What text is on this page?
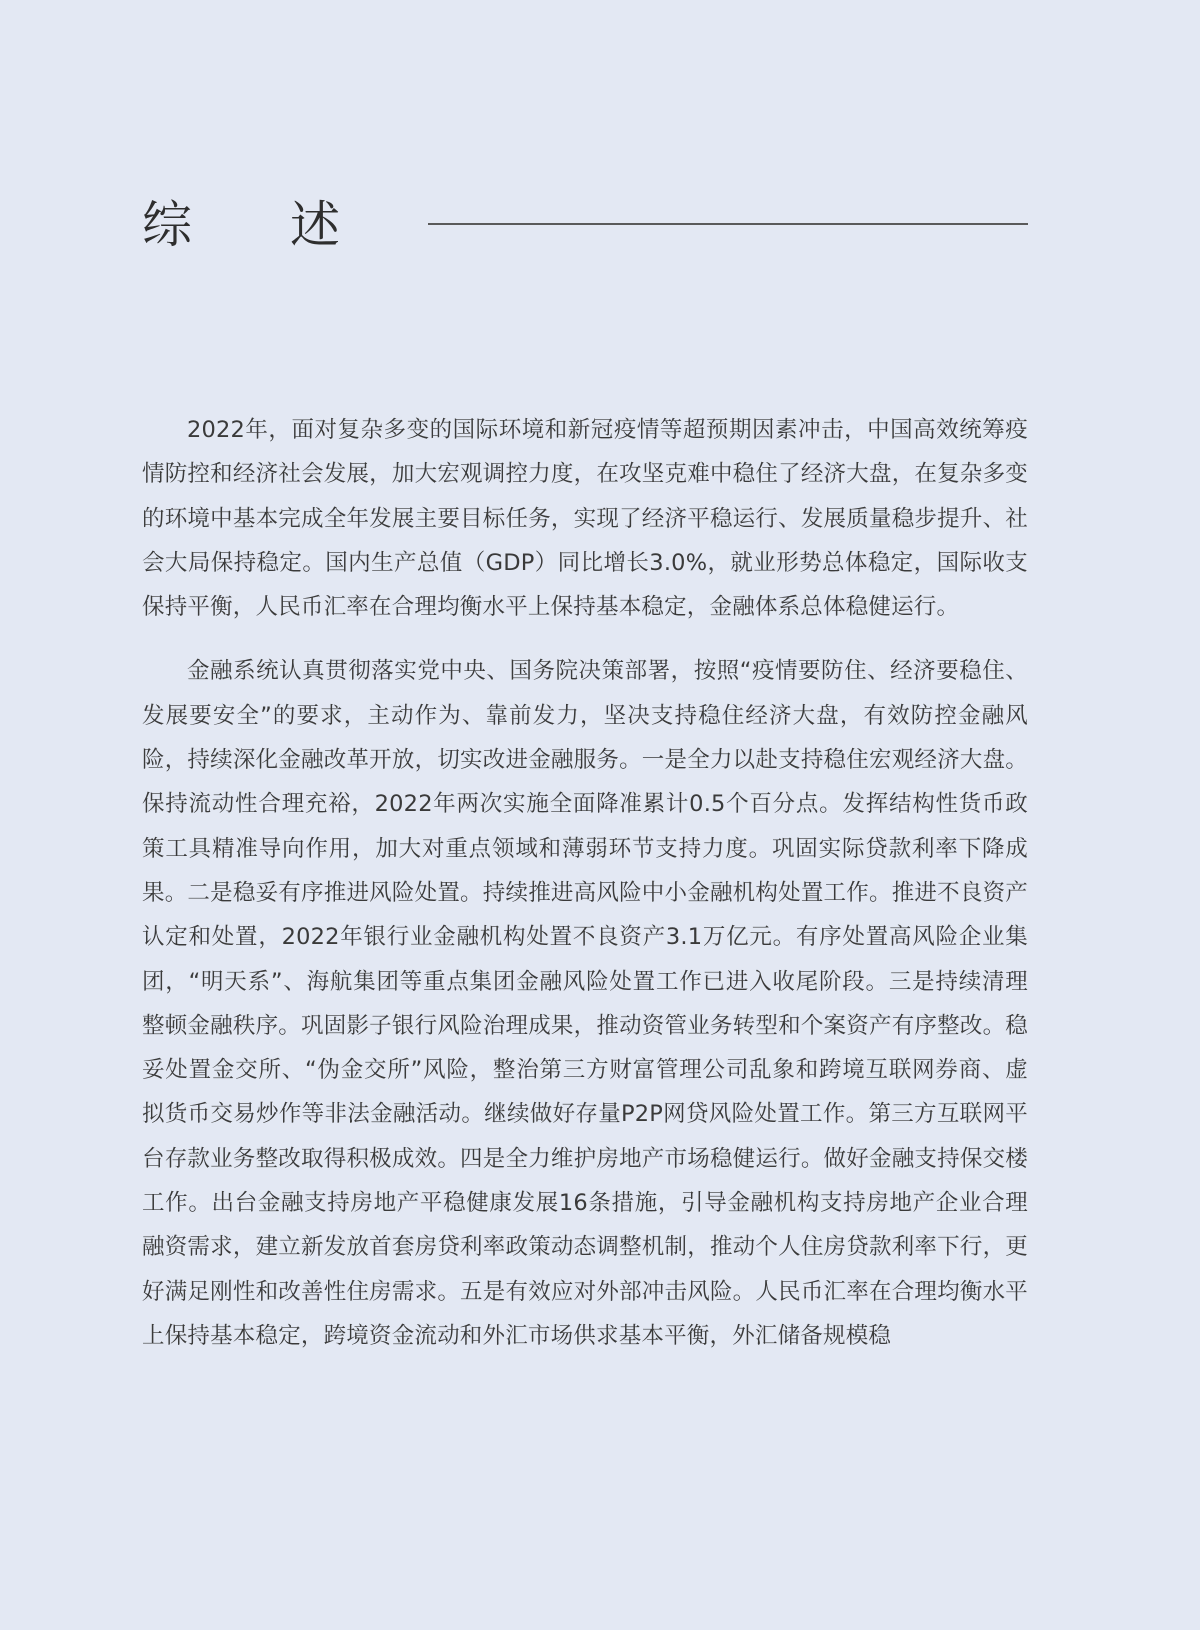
综 述

2022年，面对复杂多变的国际环境和新冠疫情等超预期因素冲击，中国高效统筹疫情防控和经济社会发展，加大宏观调控力度，在攻坚克难中稳住了经济大盘，在复杂多变的环境中基本完成全年发展主要目标任务，实现了经济平稳运行、发展质量稳步提升、社会大局保持稳定。国内生产总值（GDP）同比增长3.0%，就业形势总体稳定，国际收支保持平衡，人民币汇率在合理均衡水平上保持基本稳定，金融体系总体稳健运行。

金融系统认真贯彻落实党中央、国务院决策部署，按照“疫情要防住、经济要稳住、发展要安全”的要求，主动作为、靠前发力，坚决支持稳住经济大盘，有效防控金融风险，持续深化金融改革开放，切实改进金融服务。一是全力以赴支持稳住宏观经济大盘。保持流动性合理充裕，2022年两次实施全面降准累计0.5个百分点。发挥结构性货币政策工具精准导向作用，加大对重点领域和薄弱环节支持力度。巩固实际贷款利率下降成果。二是稳妥有序推进风险处置。持续推进高风险中小金融机构处置工作。推进不良资产认定和处置，2022年银行业金融机构处置不良资产3.1万亿元。有序处置高风险企业集团，“明天系”、海航集团等重点集团金融风险处置工作已进入收尾阶段。三是持续清理整顿金融秩序。巩固影子银行风险治理成果，推动资管业务转型和个案资产有序整改。稳妥处置金交所、“伪金交所”风险，整治第三方财富管理公司乱象和跨境互联网券商、虚拟货币交易炒作等非法金融活动。继续做好存量P2P网贷风险处置工作。第三方互联网平台存款业务整改取得积极成效。四是全力维护房地产市场稳健运行。做好金融支持保交楼工作。出台金融支持房地产平稳健康发展16条措施，引导金融机构支持房地产企业合理融资需求，建立新发放首套房贷利率政策动态调整机制，推动个人住房贷款利率下行，更好满足刚性和改善性住房需求。五是有效应对外部冲击风险。人民币汇率在合理均衡水平上保持基本稳定，跨境资金流动和外汇市场供求基本平衡，外汇储备规模稳
